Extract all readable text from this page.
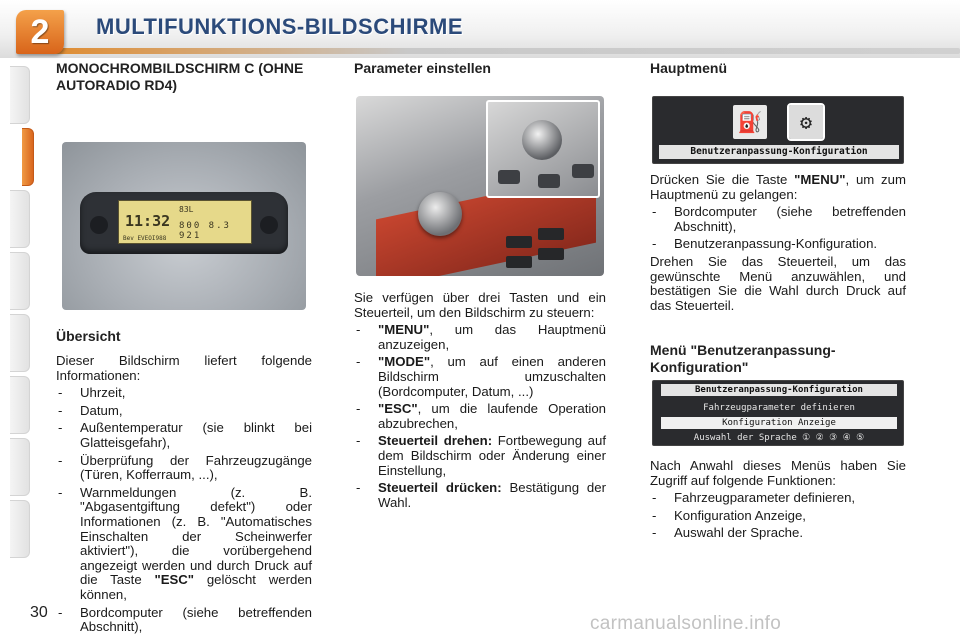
2	MULTIFUNKTIONS-BILDSCHIRME
30
MONOCHROMBILDSCHIRM C (OHNE AUTORADIO RD4)
11:32
83L
800 8.3 921
Bev EVEOI988
Übersicht

Dieser Bildschirm liefert folgende Informationen:

- Uhrzeit,
- Datum,
- Außentemperatur (sie blinkt bei Glatteisgefahr),
- Überprüfung der Fahrzeugzugänge (Türen, Kofferraum, ...),
- Warnmeldungen (z. B. "Abgasentgiftung defekt") oder Informationen (z. B. "Automatisches Einschalten der Scheinwerfer aktiviert"), die vorübergehend angezeigt werden und durch Druck auf die Taste "ESC" gelöscht werden können,
- Bordcomputer (siehe betreffenden Abschnitt),
Parameter einstellen

Sie verfügen über drei Tasten und ein Steuerteil, um den Bildschirm zu steuern:

- "MENU", um das Hauptmenü anzuzeigen,
- "MODE", um auf einen anderen Bildschirm umzuschalten (Bordcomputer, Datum, ...)
- "ESC", um die laufende Operation abzubrechen,
- Steuerteil drehen: Fortbewegung auf dem Bildschirm oder Änderung einer Einstellung,
- Steuerteil drücken: Bestätigung der Wahl.
Hauptmenü
⛽	⚙
Benutzeranpassung-Konfiguration

Drücken Sie die Taste "MENU", um zum Hauptmenü zu gelangen:

- Bordcomputer (siehe betreffenden Abschnitt),
- Benutzeranpassung-Konfiguration.

Drehen Sie das Steuerteil, um das gewünschte Menü anzuwählen, und bestätigen Sie die Wahl durch Druck auf das Steuerteil.

Menü "Benutzeranpassung-Konfiguration"
Benutzeranpassung-Konfiguration
Fahrzeugparameter definieren
Konfiguration Anzeige
Auswahl der Sprache ① ② ③ ④ ⑤

Nach Anwahl dieses Menüs haben Sie Zugriff auf folgende Funktionen:

- Fahrzeugparameter definieren,
- Konfiguration Anzeige,
- Auswahl der Sprache.
carmanualsonline.info
